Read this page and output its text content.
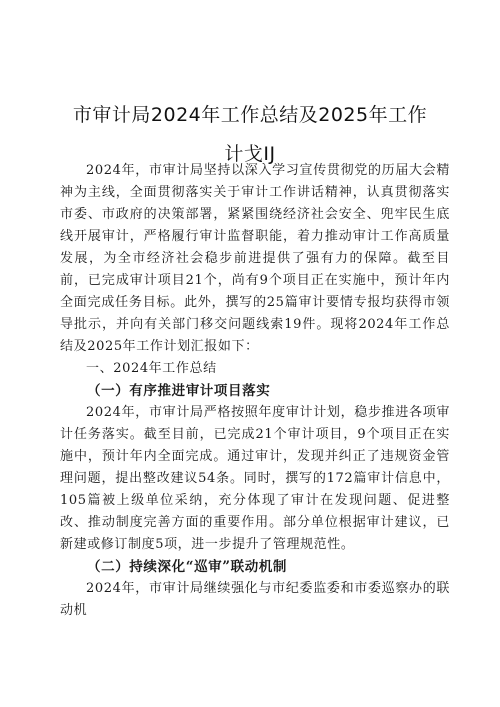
市审计局2024年工作总结及2025年工作
计戈IJ

2024年，市审计局坚持以深入学习宣传贯彻党的历届大会精神为主线，全面贯彻落实关于审计工作讲话精神，认真贯彻落实市委、市政府的决策部署，紧紧围绕经济社会安全、兜牢民生底线开展审计，严格履行审计监督职能，着力推动审计工作高质量发展，为全市经济社会稳步前进提供了强有力的保障。截至目前，已完成审计项目21个，尚有9个项目正在实施中，预计年内全面完成任务目标。此外，撰写的25篇审计要情专报均获得市领导批示，并向有关部门移交问题线索19件。现将2024年工作总结及2025年工作计划汇报如下：

一、2024年工作总结
（一）有序推进审计项目落实

2024年，市审计局严格按照年度审计计划，稳步推进各项审计任务落实。截至目前，已完成21个审计项目，9个项目正在实施中，预计年内全面完成。通过审计，发现并纠正了违规资金管理问题，提出整改建议54条。同时，撰写的172篇审计信息中，105篇被上级单位采纳，充分体现了审计在发现问题、促进整改、推动制度完善方面的重要作用。部分单位根据审计建议，已新建或修订制度5项，进一步提升了管理规范性。

（二）持续深化“巡审”联动机制

2024年，市审计局继续强化与市纪委监委和市委巡察办的联动机
